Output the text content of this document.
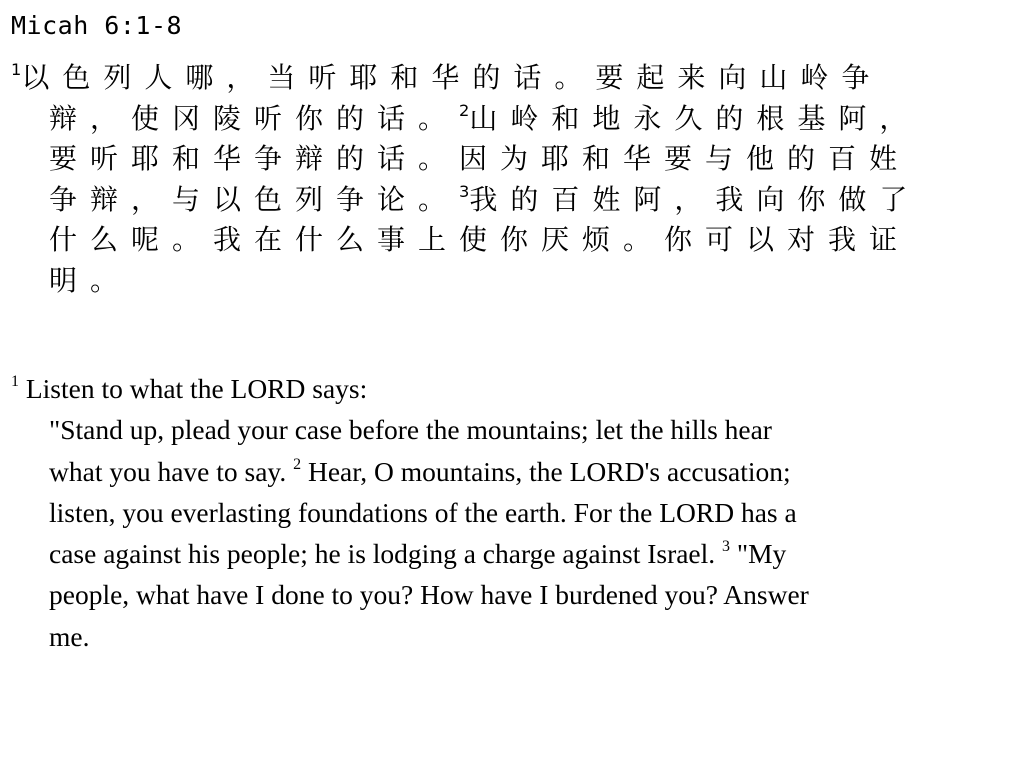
Micah 6:1-8
$^1$以色列人哪，当听耶和华的话。要起来向山岭争
辩，使冈陵听你的话。$^2$山岭和地永久的根基阿，
要听耶和华争辩的话。因为耶和华要与他的百姓
争辩，与以色列争论。$^3$我的百姓阿，我向你做了
什么呢。我在什么事上使你厌烦。你可以对我证
明。
$^1$ Listen to what the LORD says:
"Stand up, plead your case before the mountains; let the hills hear
what you have to say. $^2$ Hear, O mountains, the LORD's accusation;
listen, you everlasting foundations of the earth. For the LORD has a
case against his people; he is lodging a charge against Israel. $^3$ "My
people, what have I done to you? How have I burdened you? Answer
me.
